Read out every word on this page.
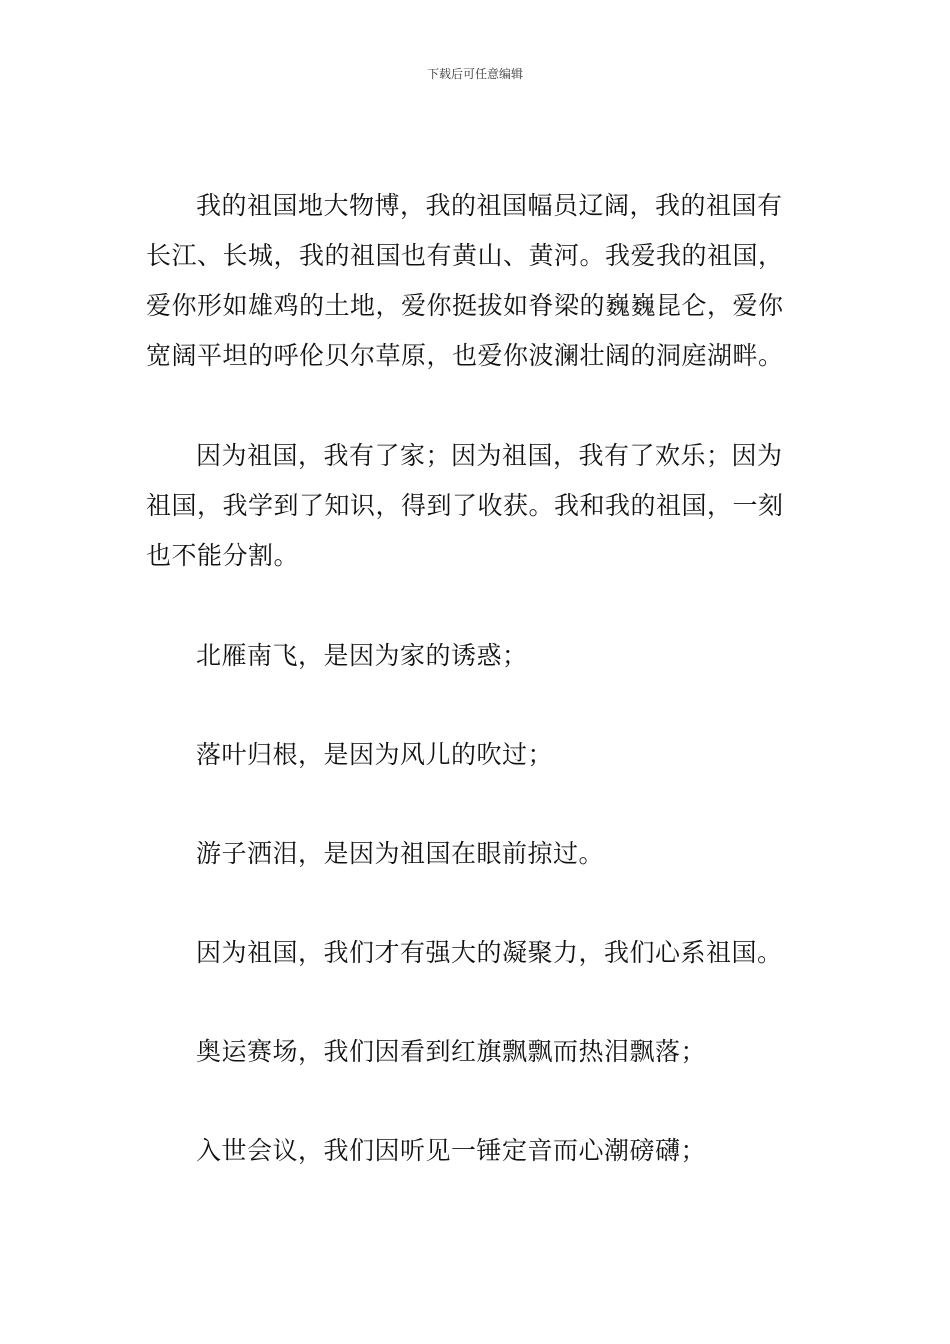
下载后可任意编辑

我的祖国地大物博，我的祖国幅员辽阔，我的祖国有长江、长城，我的祖国也有黄山、黄河。我爱我的祖国，爱你形如雄鸡的土地，爱你挺拔如脊梁的巍巍昆仑，爱你宽阔平坦的呼伦贝尔草原，也爱你波澜壮阔的洞庭湖畔。

因为祖国，我有了家；因为祖国，我有了欢乐；因为祖国，我学到了知识，得到了收获。我和我的祖国，一刻也不能分割。

北雁南飞，是因为家的诱惑；

落叶归根，是因为风儿的吹过；

游子洒泪，是因为祖国在眼前掠过。

因为祖国，我们才有强大的凝聚力，我们心系祖国。

奥运赛场，我们因看到红旗飘飘而热泪飘落；

入世会议，我们因听见一锤定音而心潮磅礴；
